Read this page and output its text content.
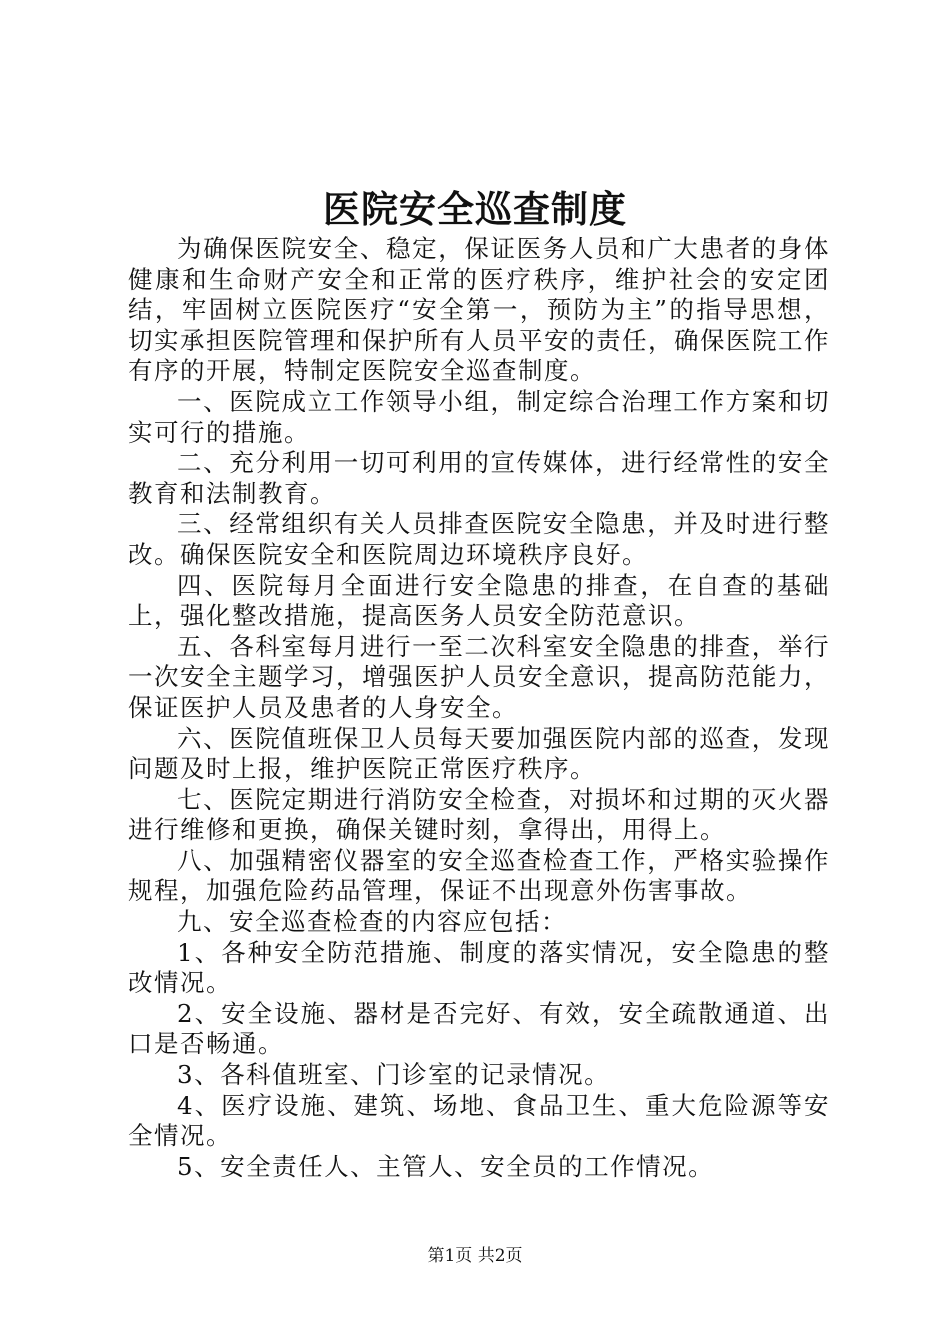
医院安全巡查制度

为确保医院安全、稳定，保证医务人员和广大患者的身体健康和生命财产安全和正常的医疗秩序，维护社会的安定团结，牢固树立医院医疗“安全第一，预防为主”的指导思想，切实承担医院管理和保护所有人员平安的责任，确保医院工作有序的开展，特制定医院安全巡查制度。

一、医院成立工作领导小组，制定综合治理工作方案和切实可行的措施。

二、充分利用一切可利用的宣传媒体，进行经常性的安全教育和法制教育。

三、经常组织有关人员排查医院安全隐患，并及时进行整改。确保医院安全和医院周边环境秩序良好。

四、医院每月全面进行安全隐患的排查，在自查的基础上，强化整改措施，提高医务人员安全防范意识。

五、各科室每月进行一至二次科室安全隐患的排查，举行一次安全主题学习，增强医护人员安全意识，提高防范能力，保证医护人员及患者的人身安全。

六、医院值班保卫人员每天要加强医院内部的巡查，发现问题及时上报，维护医院正常医疗秩序。

七、医院定期进行消防安全检查，对损坏和过期的灭火器进行维修和更换，确保关键时刻，拿得出，用得上。

八、加强精密仪器室的安全巡查检查工作，严格实验操作规程，加强危险药品管理，保证不出现意外伤害事故。

九、安全巡查检查的内容应包括：

1、各种安全防范措施、制度的落实情况，安全隐患的整改情况。

2、安全设施、器材是否完好、有效，安全疏散通道、出口是否畅通。

3、各科值班室、门诊室的记录情况。

4、医疗设施、建筑、场地、食品卫生、重大危险源等安全情况。

5、安全责任人、主管人、安全员的工作情况。

第1页 共2页
